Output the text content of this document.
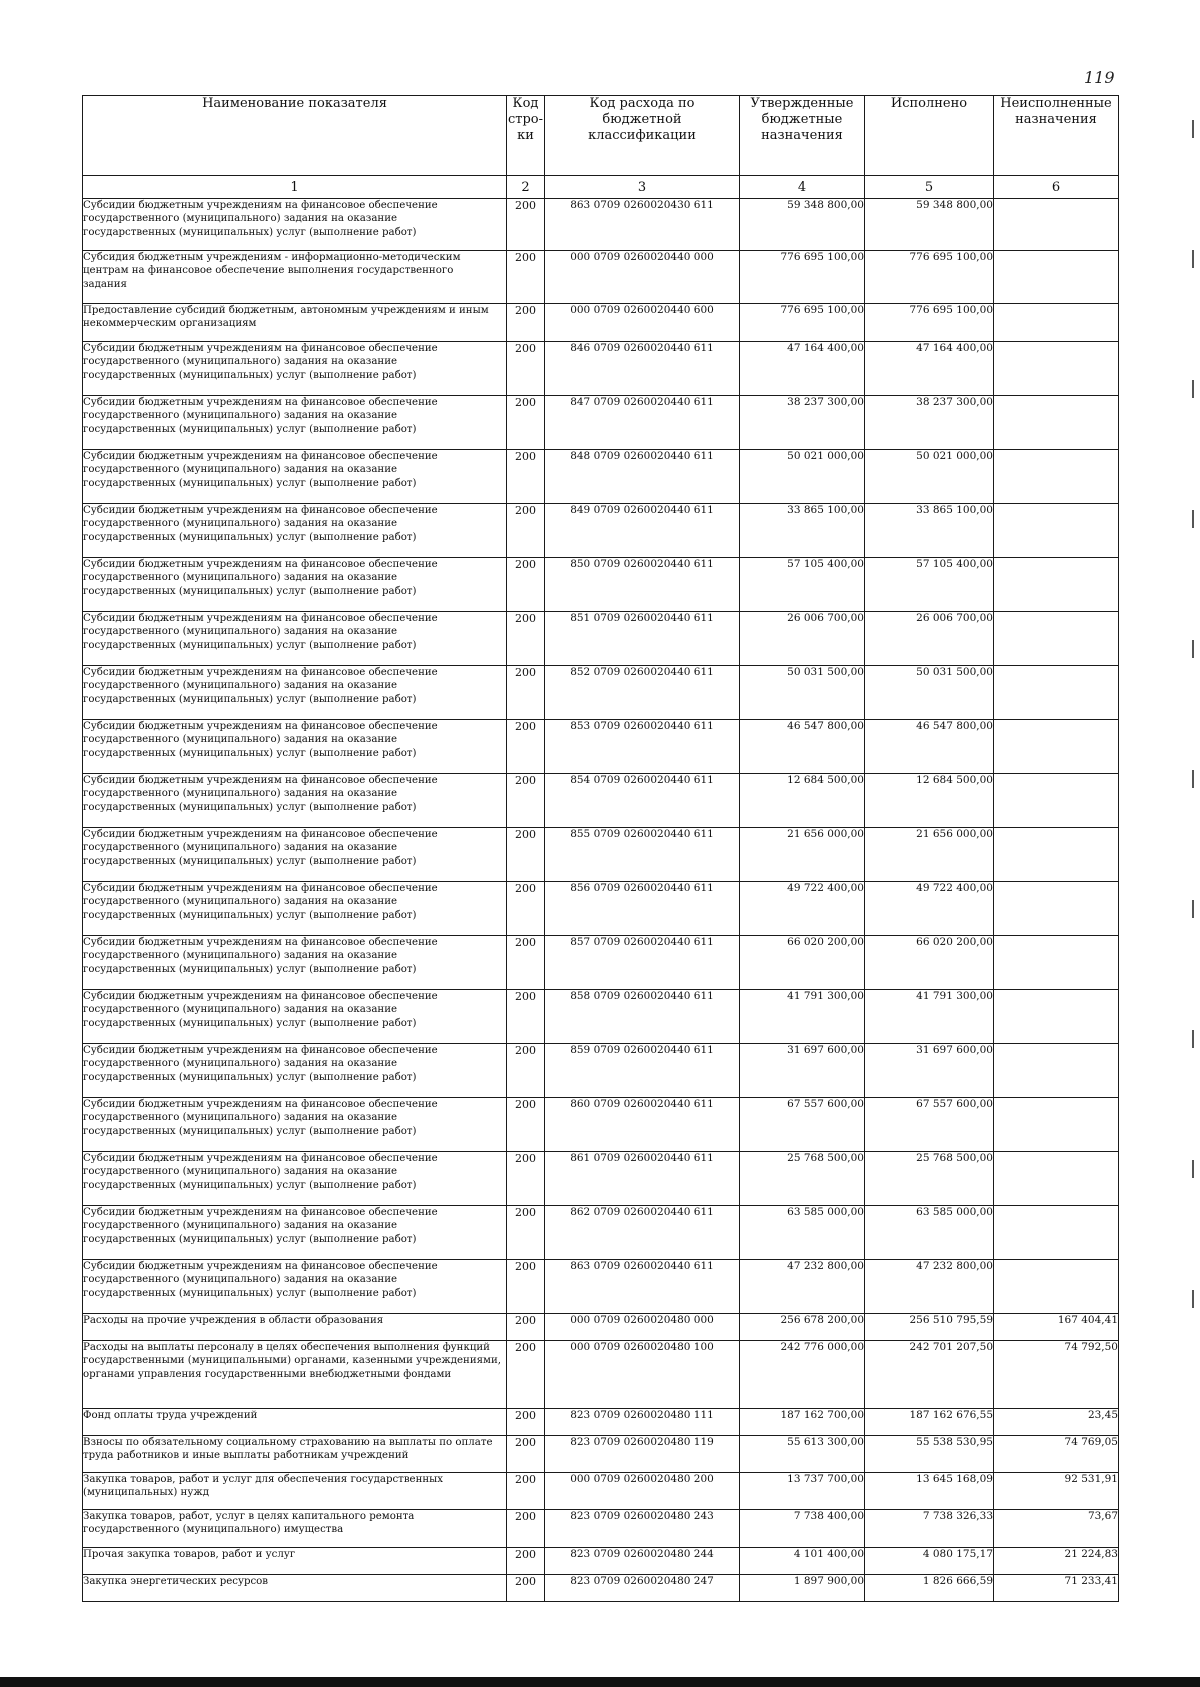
119
Наименование показателя	Код стро-ки	Код расхода по бюджетной классификации	Утвержденные бюджетные назначения	Исполнено	Неисполненные назначения

1	2	3	4	5	6

Субсидии бюджетным учреждениям на финансовое обеспечение государственного (муниципального) задания на оказание государственных (муниципальных) услуг (выполнение работ)	200	863 0709 0260020430 611	59 348 800,00	59 348 800,00	

Субсидия бюджетным учреждениям - информационно-методическим центрам на финансовое обеспечение выполнения государственного задания	200	000 0709 0260020440 000	776 695 100,00	776 695 100,00	

Предоставление субсидий бюджетным, автономным учреждениям и иным некоммерческим организациям	200	000 0709 0260020440 600	776 695 100,00	776 695 100,00	

Субсидии бюджетным учреждениям на финансовое обеспечение государственного (муниципального) задания на оказание государственных (муниципальных) услуг (выполнение работ)	200	846 0709 0260020440 611	47 164 400,00	47 164 400,00	

Субсидии бюджетным учреждениям на финансовое обеспечение государственного (муниципального) задания на оказание государственных (муниципальных) услуг (выполнение работ)	200	847 0709 0260020440 611	38 237 300,00	38 237 300,00	

Субсидии бюджетным учреждениям на финансовое обеспечение государственного (муниципального) задания на оказание государственных (муниципальных) услуг (выполнение работ)	200	848 0709 0260020440 611	50 021 000,00	50 021 000,00	

Субсидии бюджетным учреждениям на финансовое обеспечение государственного (муниципального) задания на оказание государственных (муниципальных) услуг (выполнение работ)	200	849 0709 0260020440 611	33 865 100,00	33 865 100,00	

Субсидии бюджетным учреждениям на финансовое обеспечение государственного (муниципального) задания на оказание государственных (муниципальных) услуг (выполнение работ)	200	850 0709 0260020440 611	57 105 400,00	57 105 400,00	

Субсидии бюджетным учреждениям на финансовое обеспечение государственного (муниципального) задания на оказание государственных (муниципальных) услуг (выполнение работ)	200	851 0709 0260020440 611	26 006 700,00	26 006 700,00	

Субсидии бюджетным учреждениям на финансовое обеспечение государственного (муниципального) задания на оказание государственных (муниципальных) услуг (выполнение работ)	200	852 0709 0260020440 611	50 031 500,00	50 031 500,00	

Субсидии бюджетным учреждениям на финансовое обеспечение государственного (муниципального) задания на оказание государственных (муниципальных) услуг (выполнение работ)	200	853 0709 0260020440 611	46 547 800,00	46 547 800,00	

Субсидии бюджетным учреждениям на финансовое обеспечение государственного (муниципального) задания на оказание государственных (муниципальных) услуг (выполнение работ)	200	854 0709 0260020440 611	12 684 500,00	12 684 500,00	

Субсидии бюджетным учреждениям на финансовое обеспечение государственного (муниципального) задания на оказание государственных (муниципальных) услуг (выполнение работ)	200	855 0709 0260020440 611	21 656 000,00	21 656 000,00	

Субсидии бюджетным учреждениям на финансовое обеспечение государственного (муниципального) задания на оказание государственных (муниципальных) услуг (выполнение работ)	200	856 0709 0260020440 611	49 722 400,00	49 722 400,00	

Субсидии бюджетным учреждениям на финансовое обеспечение государственного (муниципального) задания на оказание государственных (муниципальных) услуг (выполнение работ)	200	857 0709 0260020440 611	66 020 200,00	66 020 200,00	

Субсидии бюджетным учреждениям на финансовое обеспечение государственного (муниципального) задания на оказание государственных (муниципальных) услуг (выполнение работ)	200	858 0709 0260020440 611	41 791 300,00	41 791 300,00	

Субсидии бюджетным учреждениям на финансовое обеспечение государственного (муниципального) задания на оказание государственных (муниципальных) услуг (выполнение работ)	200	859 0709 0260020440 611	31 697 600,00	31 697 600,00	

Субсидии бюджетным учреждениям на финансовое обеспечение государственного (муниципального) задания на оказание государственных (муниципальных) услуг (выполнение работ)	200	860 0709 0260020440 611	67 557 600,00	67 557 600,00	

Субсидии бюджетным учреждениям на финансовое обеспечение государственного (муниципального) задания на оказание государственных (муниципальных) услуг (выполнение работ)	200	861 0709 0260020440 611	25 768 500,00	25 768 500,00	

Субсидии бюджетным учреждениям на финансовое обеспечение государственного (муниципального) задания на оказание государственных (муниципальных) услуг (выполнение работ)	200	862 0709 0260020440 611	63 585 000,00	63 585 000,00	

Субсидии бюджетным учреждениям на финансовое обеспечение государственного (муниципального) задания на оказание государственных (муниципальных) услуг (выполнение работ)	200	863 0709 0260020440 611	47 232 800,00	47 232 800,00	

Расходы на прочие учреждения в области образования	200	000 0709 0260020480 000	256 678 200,00	256 510 795,59	167 404,41

Расходы на выплаты персоналу в целях обеспечения выполнения функций государственными (муниципальными) органами, казенными учреждениями, органами управления государственными внебюджетными фондами	200	000 0709 0260020480 100	242 776 000,00	242 701 207,50	74 792,50

Фонд оплаты труда учреждений	200	823 0709 0260020480 111	187 162 700,00	187 162 676,55	23,45

Взносы по обязательному социальному страхованию на выплаты по оплате труда работников и иные выплаты работникам учреждений	200	823 0709 0260020480 119	55 613 300,00	55 538 530,95	74 769,05

Закупка товаров, работ и услуг для обеспечения государственных (муниципальных) нужд	200	000 0709 0260020480 200	13 737 700,00	13 645 168,09	92 531,91

Закупка товаров, работ, услуг в целях капитального ремонта государственного (муниципального) имущества	200	823 0709 0260020480 243	7 738 400,00	7 738 326,33	73,67

Прочая закупка товаров, работ и услуг	200	823 0709 0260020480 244	4 101 400,00	4 080 175,17	21 224,83

Закупка энергетических ресурсов	200	823 0709 0260020480 247	1 897 900,00	1 826 666,59	71 233,41
